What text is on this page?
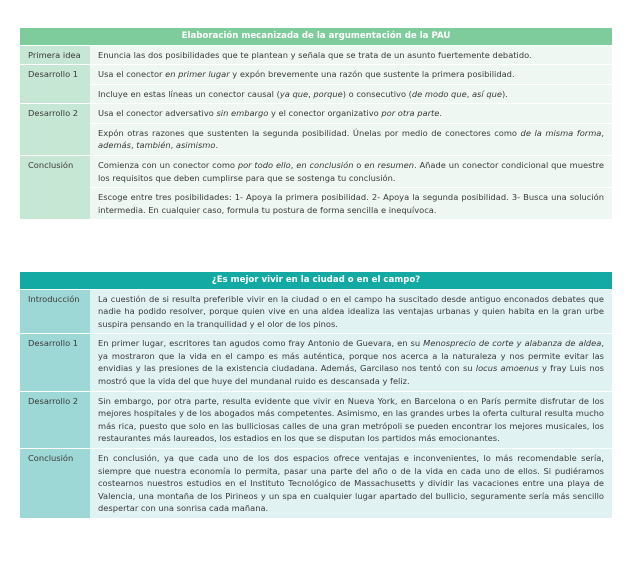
Elaboración mecanizada de la argumentación de la PAU	
Primera idea	Enuncia las dos posibilidades que te plantean y señala que se trata de un asunto fuertemente debatido.
Desarrollo 1	Usa el conector en primer lugar y expón brevemente una razón que sustente la primera posibilidad.
	Incluye en estas líneas un conector causal (ya que, porque) o consecutivo (de modo que, así que).
Desarrollo 2	Usa el conector adversativo sin embargo y el conector organizativo por otra parte.
	Expón otras razones que sustenten la segunda posibilidad. Únelas por medio de conectores como de la misma forma, además, también, asimismo.
Conclusión	Comienza con un conector como por todo ello, en conclusión o en resumen. Añade un conector condicional que muestre los requisitos que deben cumplirse para que se sostenga tu conclusión.
	Escoge entre tres posibilidades: 1- Apoya la primera posibilidad. 2- Apoya la segunda posibilidad. 3- Busca una solución intermedia. En cualquier caso, formula tu postura de forma sencilla e inequívoca.
¿Es mejor vivir en la ciudad o en el campo?	
Introducción	La cuestión de si resulta preferible vivir en la ciudad o en el campo ha suscitado desde antiguo enconados debates que nadie ha podido resolver, porque quien vive en una aldea idealiza las ventajas urbanas y quien habita en la gran urbe suspira pensando en la tranquilidad y el olor de los pinos.
Desarrollo 1	En primer lugar, escritores tan agudos como fray Antonio de Guevara, en su Menosprecio de corte y alabanza de aldea, ya mostraron que la vida en el campo es más auténtica, porque nos acerca a la naturaleza y nos permite evitar las envidias y las presiones de la existencia ciudadana. Además, Garcilaso nos tentó con su locus amoenus y fray Luis nos mostró que la vida del que huye del mundanal ruido es descansada y feliz.
Desarrollo 2	Sin embargo, por otra parte, resulta evidente que vivir en Nueva York, en Barcelona o en París permite disfrutar de los mejores hospitales y de los abogados más competentes. Asimismo, en las grandes urbes la oferta cultural resulta mucho más rica, puesto que solo en las bulliciosas calles de una gran metrópoli se pueden encontrar los mejores musicales, los restaurantes más laureados, los estadios en los que se disputan los partidos más emocionantes.
Conclusión	En conclusión, ya que cada uno de los dos espacios ofrece ventajas e inconvenientes, lo más recomendable sería, siempre que nuestra economía lo permita, pasar una parte del año o de la vida en cada uno de ellos. Si pudiéramos costearnos nuestros estudios en el Instituto Tecnológico de Massachusetts y dividir las vacaciones entre una playa de Valencia, una montaña de los Pirineos y un spa en cualquier lugar apartado del bullicio, seguramente sería más sencillo despertar con una sonrisa cada mañana.
